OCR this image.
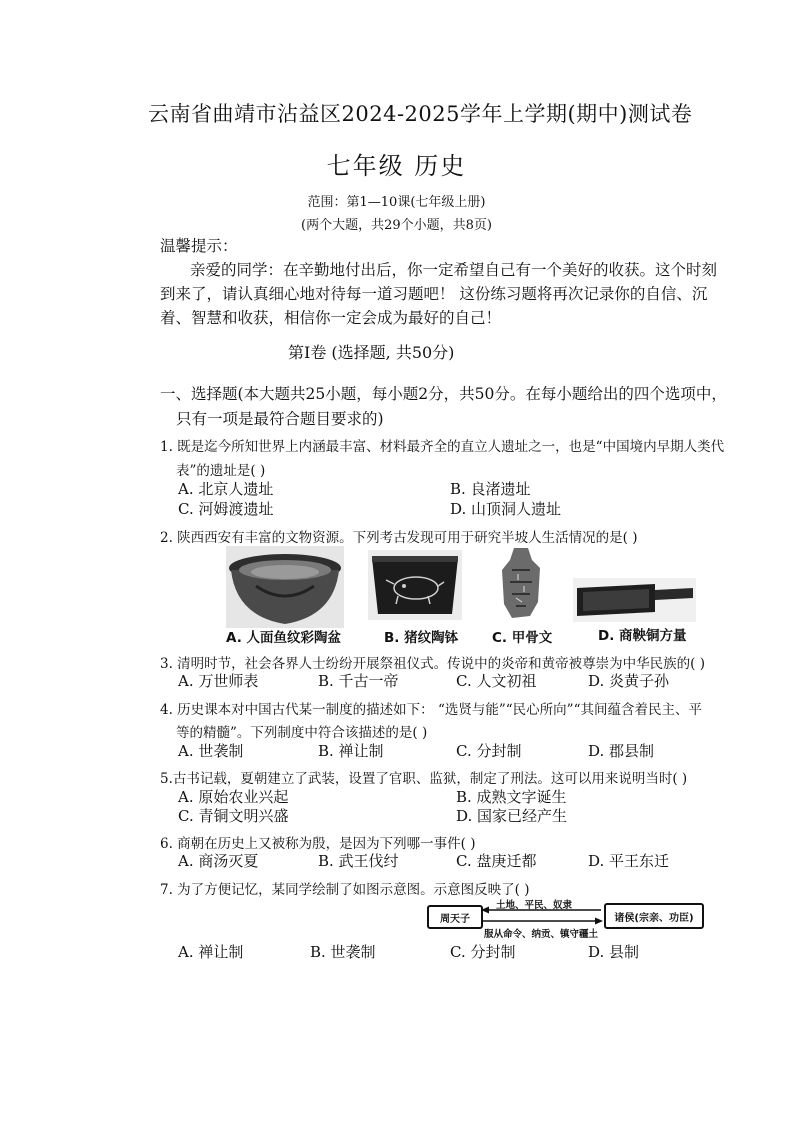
云南省曲靖市沾益区2024-2025学年上学期(期中)测试卷
七年级 历史
范围：第1—10课(七年级上册)
(两个大题，共29个小题，共8页)
温馨提示：
亲爱的同学：在辛勤地付出后，你一定希望自己有一个美好的收获。这个时刻
到来了，请认真细心地对待每一道习题吧！ 这份练习题将再次记录你的自信、沉
着、智慧和收获，相信你一定会成为最好的自己！
第Ⅰ卷 (选择题, 共50分)
一、选择题(本大题共25小题，每小题2分，共50分。在每小题给出的四个选项中，
只有一项是最符合题目要求的)
1. 既是迄今所知世界上内涵最丰富、材料最齐全的直立人遗址之一，也是“中国境内早期人类代
表”的遗址是( )
A. 北京人遗址	B. 良渚遗址
C. 河姆渡遗址	D. 山顶洞人遗址
2. 陕西西安有丰富的文物资源。下列考古发现可用于研究半坡人生活情况的是( )
A. 人面鱼纹彩陶盆	B. 猪纹陶钵	C. 甲骨文	D. 商鞅铜方量
3. 清明时节，社会各界人士纷纷开展祭祖仪式。传说中的炎帝和黄帝被尊崇为中华民族的( )
A. 万世师表	B. 千古一帝	C. 人文初祖	D. 炎黄子孙
4. 历史课本对中国古代某一制度的描述如下： “选贤与能”“民心所向”“其间蕴含着民主、平
等的精髓”。下列制度中符合该描述的是( )
A. 世袭制	B. 禅让制	C. 分封制	D. 郡县制
5.古书记载，夏朝建立了武装，设置了官职、监狱，制定了刑法。这可以用来说明当时( )
A. 原始农业兴起	B. 成熟文字诞生
C. 青铜文明兴盛	D. 国家已经产生
6. 商朝在历史上又被称为殷，是因为下列哪一事件( )
A. 商汤灭夏	B. 武王伐纣	C. 盘庚迁都	D. 平王东迁
7. 为了方便记忆，某同学绘制了如图示意图。示意图反映了( )
周天子	诸侯(宗亲、功臣)
土地、平民、奴隶
服从命令、纳贡、镇守疆土
A. 禅让制	B. 世袭制	C. 分封制	D. 县制
